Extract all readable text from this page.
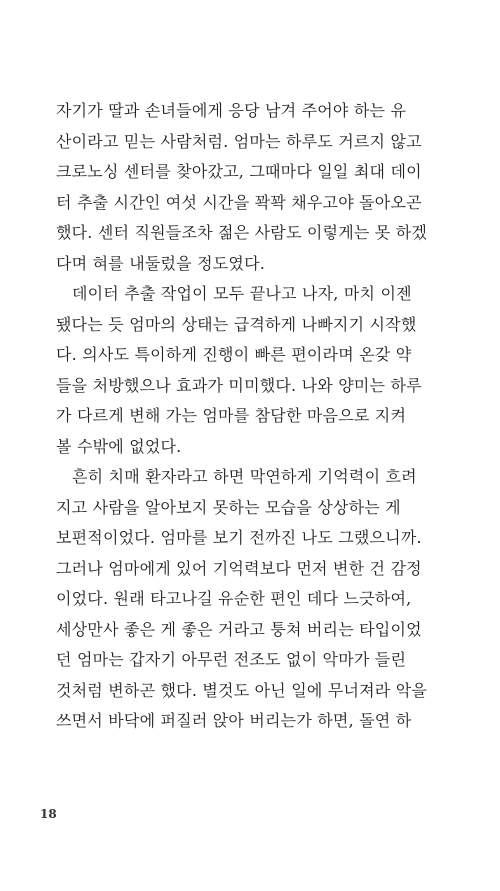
자기가 딸과 손녀들에게 응당 남겨 주어야 하는 유
산이라고 믿는 사람처럼. 엄마는 하루도 거르지 않고
크로노싱 센터를 찾아갔고, 그때마다 일일 최대 데이
터 추출 시간인 여섯 시간을 꽉꽉 채우고야 돌아오곤
했다. 센터 직원들조차 젊은 사람도 이렇게는 못 하겠
다며 혀를 내둘렀을 정도였다.
데이터 추출 작업이 모두 끝나고 나자, 마치 이젠
됐다는 듯 엄마의 상태는 급격하게 나빠지기 시작했
다. 의사도 특이하게 진행이 빠른 편이라며 온갖 약
들을 처방했으나 효과가 미미했다. 나와 양미는 하루
가 다르게 변해 가는 엄마를 참담한 마음으로 지켜
볼 수밖에 없었다.
흔히 치매 환자라고 하면 막연하게 기억력이 흐려
지고 사람을 알아보지 못하는 모습을 상상하는 게
보편적이었다. 엄마를 보기 전까진 나도 그랬으니까.
그러나 엄마에게 있어 기억력보다 먼저 변한 건 감정
이었다. 원래 타고나길 유순한 편인 데다 느긋하여,
세상만사 좋은 게 좋은 거라고 퉁쳐 버리는 타입이었
던 엄마는 갑자기 아무런 전조도 없이 악마가 들린
것처럼 변하곤 했다. 별것도 아닌 일에 무너져라 악을
쓰면서 바닥에 퍼질러 앉아 버리는가 하면, 돌연 하
18
